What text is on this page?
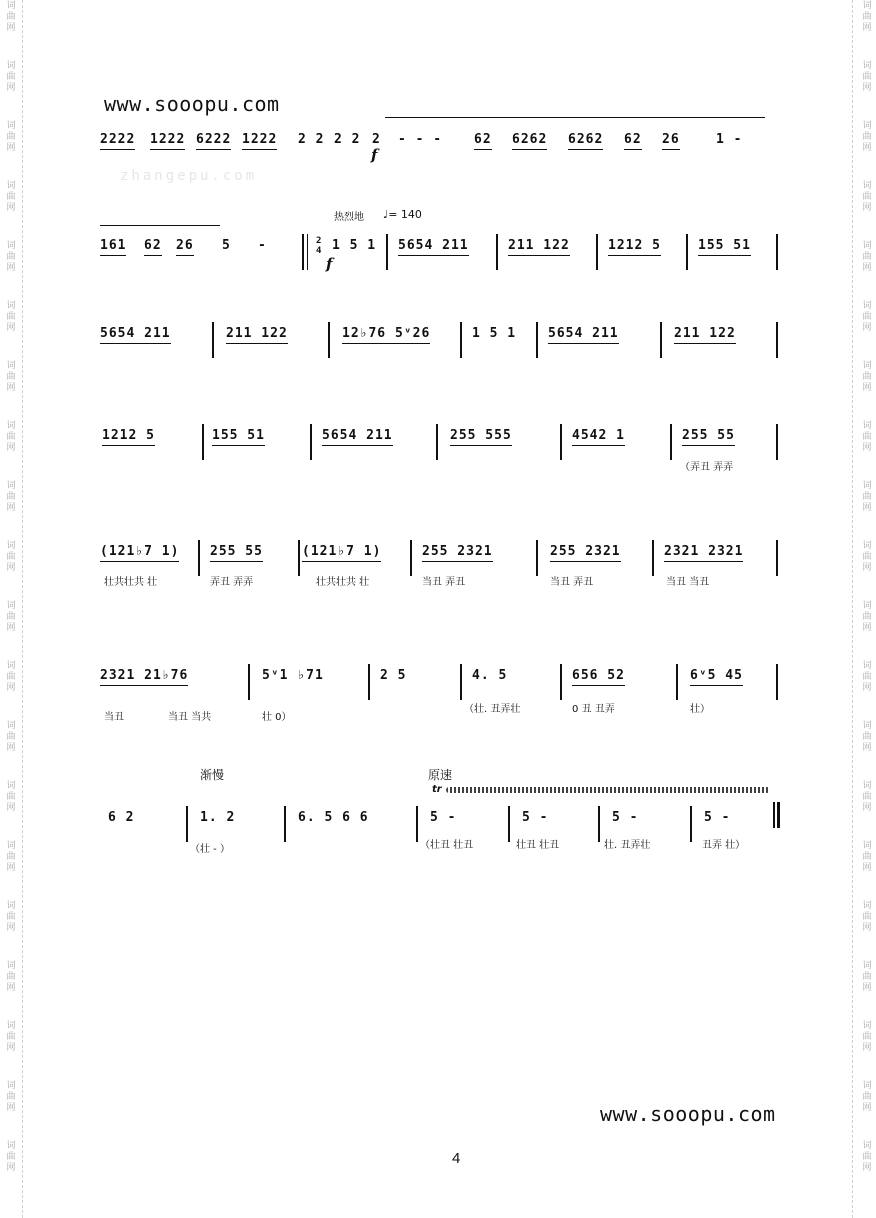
词
曲
网
词
曲
网
词
曲
网
词
曲
网
词
曲
网
词
曲
网
词
曲
网
词
曲
网
词
曲
网
词
曲
网
词
曲
网
词
曲
网
词
曲
网
词
曲
网
词
曲
网
词
曲
网
词
曲
网
词
曲
网
词
曲
网
词
曲
网
词
曲
网
词
曲
网
词
曲
网
词
曲
网
词
曲
网
词
曲
网
词
曲
网
词
曲
网
词
曲
网
词
曲
网
词
曲
网
词
曲
网
词
曲
网
词
曲
网
词
曲
网
词
曲
网
词
曲
网
词
曲
网
词
曲
网
词
曲
网
www.sooopu.com
zhangepu.com
2222 1222 6222 1222 2 2 2 2 2 - - - 62 6262 6262 62 26	1 -
f
热烈地 ♩= 140
161 62 26 5 -	2
4 1 5 1 5654 211	211 122	1212 5	155 51
f
5654 211	211 122	12♭76 5ᵛ26	1 5 1 5654 211	211 122
1212 5	155 51	5654 211	255 555	4542 1	255 55
（弄丑 弄弄
(121♭7 1) 255 55	(121♭7 1)	255 2321	255 2321	2321 2321
壮共壮共 壮	弄丑 弄弄	壮共壮共 壮	当丑 弄丑	当丑 弄丑	当丑 当丑
2321 21♭76	5ᵛ1 ♭71	2 5	4. 5	656 52	6ᵛ5 45
当丑	当丑 当共	壮 0）
（壮. 丑弄壮	0 丑 丑弄	壮）
渐慢	原速
tr
6 2	1. 2	6. 5 6 6	5 -	5 -	5 -	5 -
（壮 - ）	（壮丑 壮丑	壮丑 壮丑	壮. 丑弄壮	丑弄 壮）
www.sooopu.com
4
